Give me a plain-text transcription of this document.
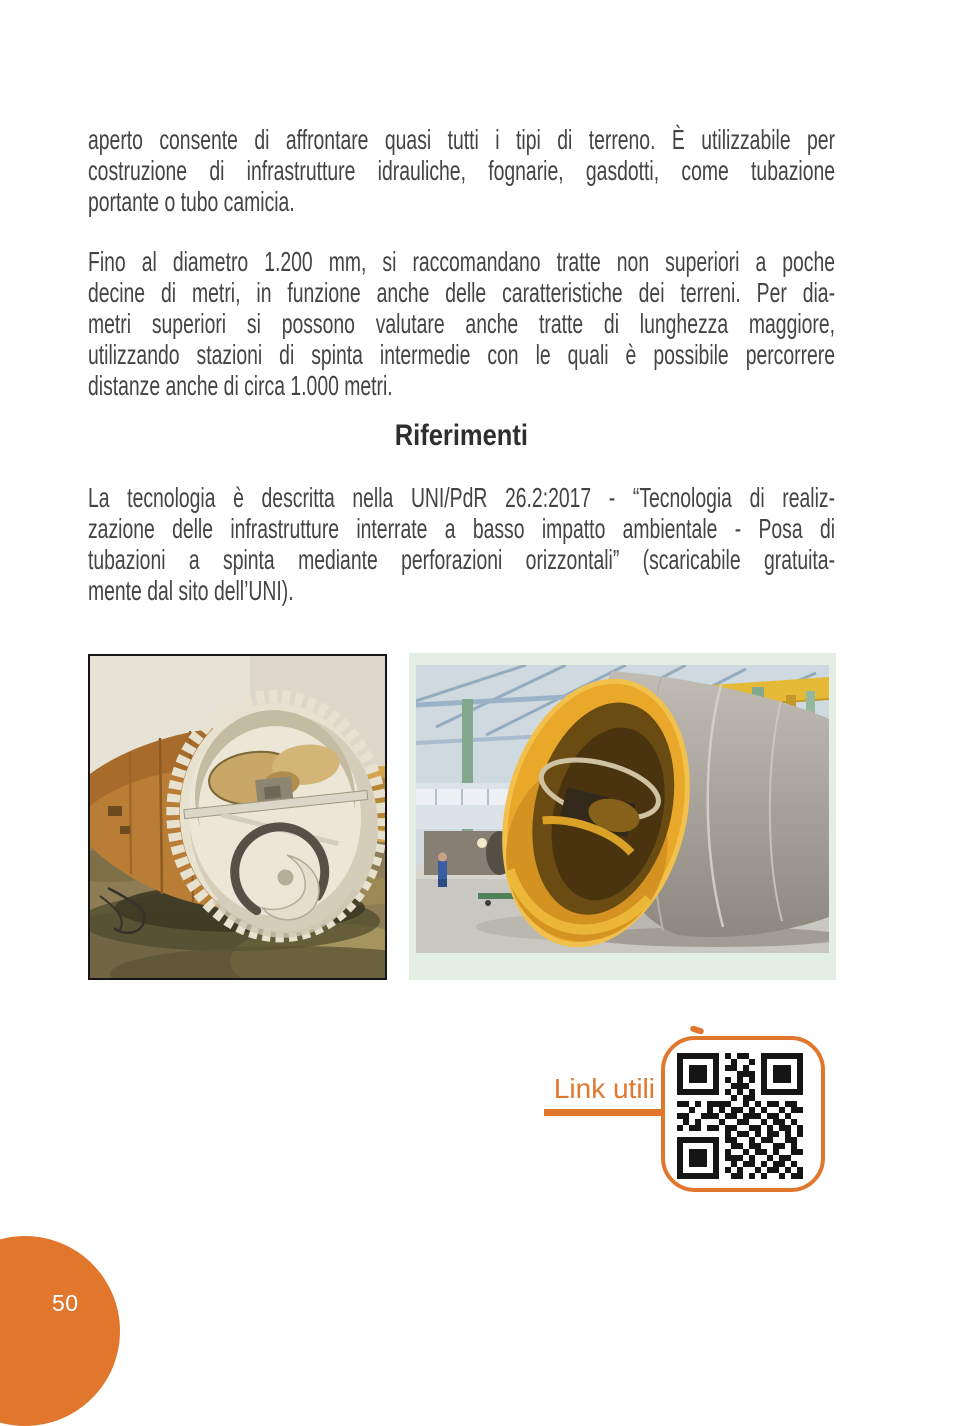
aperto consente di affrontare quasi tutti i tipi di terreno. È utilizzabile per
costruzione di infrastrutture idrauliche, fognarie, gasdotti, come tubazione
portante o tubo camicia.
Fino al diametro 1.200 mm, si raccomandano tratte non superiori a poche
decine di metri, in funzione anche delle caratteristiche dei terreni. Per dia-
metri superiori si possono valutare anche tratte di lunghezza maggiore,
utilizzando stazioni di spinta intermedie con le quali è possibile percorrere
distanze anche di circa 1.000 metri.
Riferimenti
La tecnologia è descritta nella UNI/PdR 26.2:2017 - “Tecnologia di realiz-
zazione delle infrastrutture interrate a basso impatto ambientale - Posa di
tubazioni a spinta mediante perforazioni orizzontali” (scaricabile gratuita-
mente dal sito dell’UNI).
Link utili
50
